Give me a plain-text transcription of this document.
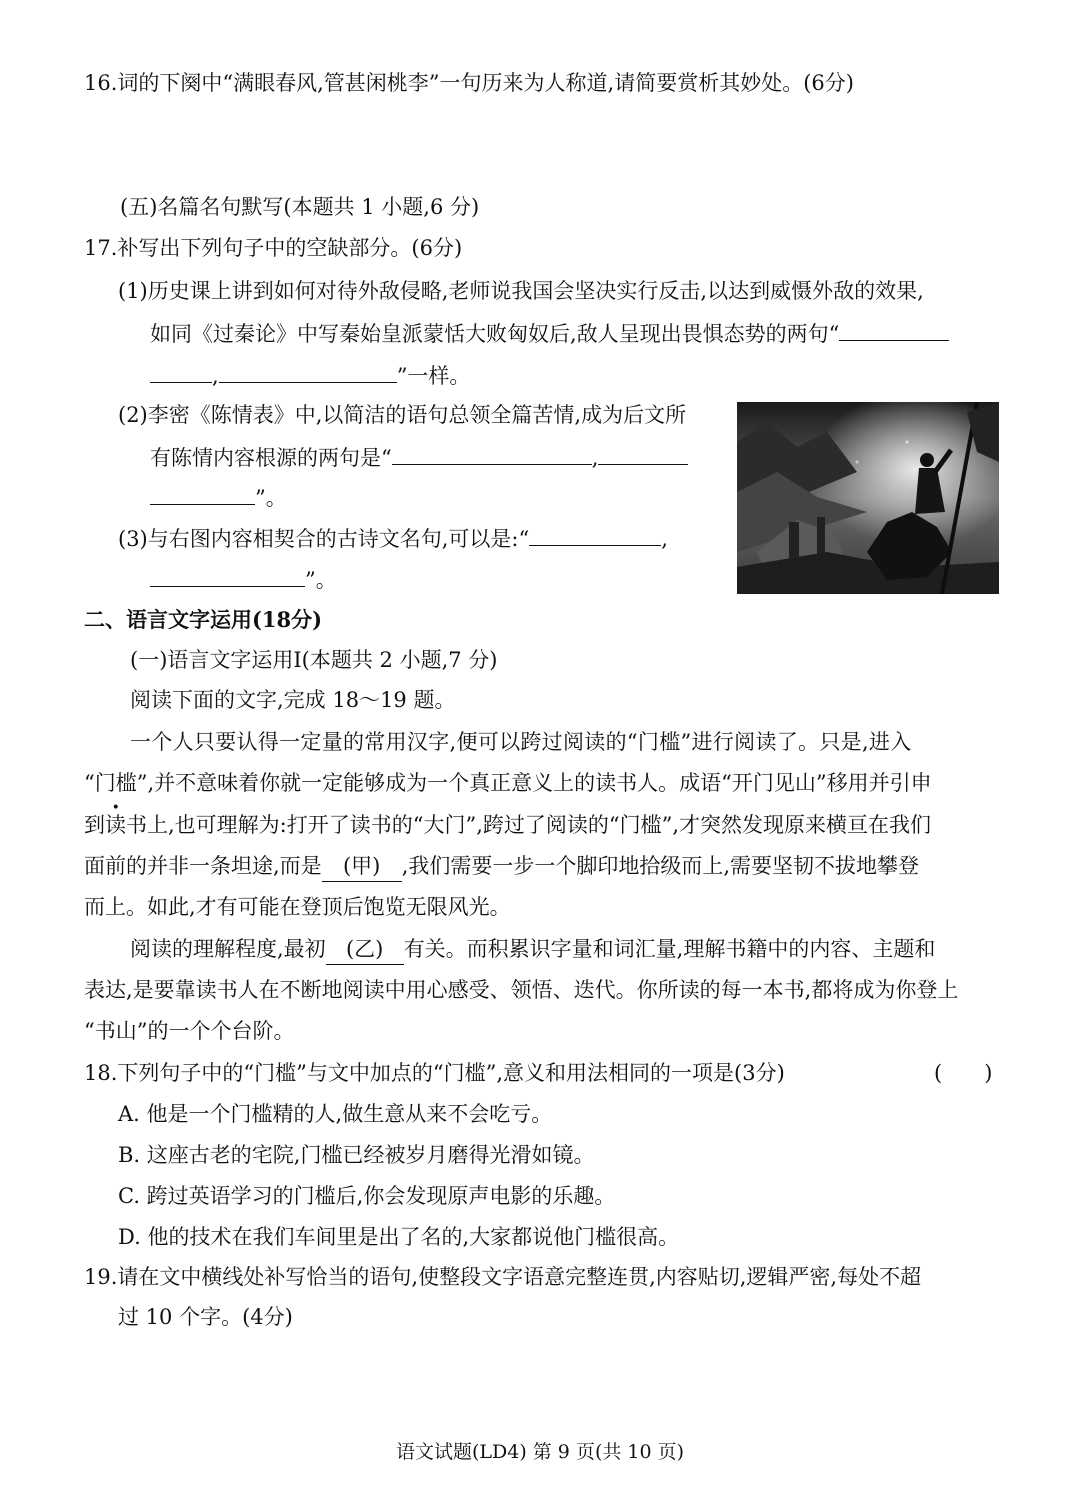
16.词的下阕中“满眼春风,管甚闲桃李”一句历来为人称道,请简要赏析其妙处。(6分)
(五)名篇名句默写(本题共 1 小题,6 分)
17.补写出下列句子中的空缺部分。(6分)
(1)历史课上讲到如何对待外敌侵略,老师说我国会坚决实行反击,以达到威慑外敌的效果,
如同《过秦论》中写秦始皇派蒙恬大败匈奴后,敌人呈现出畏惧态势的两句“
,	”一样。
(2)李密《陈情表》中,以简洁的语句总领全篇苦情,成为后文所
有陈情内容根源的两句是“	,
”。
(3)与右图内容相契合的古诗文名句,可以是:“	,
”。
二、语言文字运用(18分)
(一)语言文字运用Ⅰ(本题共 2 小题,7 分)
阅读下面的文字,完成 18～19 题。
一个人只要认得一定量的常用汉字,便可以跨过阅读的“门槛”进行阅读了。只是,进入
“门槛”,并不意味着你就一定能够成为一个真正意义上的读书人。成语“开门见山”移用并引申
到读书上,也可理解为:打开了读书的“大门”,跨过了阅读的“门槛”,才突然发现原来横亘在我们
面前的并非一条坦途,而是 (甲) ,我们需要一步一个脚印地拾级而上,需要坚韧不拔地攀登
而上。如此,才有可能在登顶后饱览无限风光。
阅读的理解程度,最初 (乙) 有关。而积累识字量和词汇量,理解书籍中的内容、主题和
表达,是要靠读书人在不断地阅读中用心感受、领悟、迭代。你所读的每一本书,都将成为你登上
“书山”的一个个台阶。
18.下列句子中的“门槛”与文中加点的“门槛”,意义和用法相同的一项是(3分)	(　　)
A. 他是一个门槛精的人,做生意从来不会吃亏。
B. 这座古老的宅院,门槛已经被岁月磨得光滑如镜。
C. 跨过英语学习的门槛后,你会发现原声电影的乐趣。
D. 他的技术在我们车间里是出了名的,大家都说他门槛很高。
19.请在文中横线处补写恰当的语句,使整段文字语意完整连贯,内容贴切,逻辑严密,每处不超
过 10 个字。(4分)
语文试题(LD4) 第 9 页(共 10 页)
